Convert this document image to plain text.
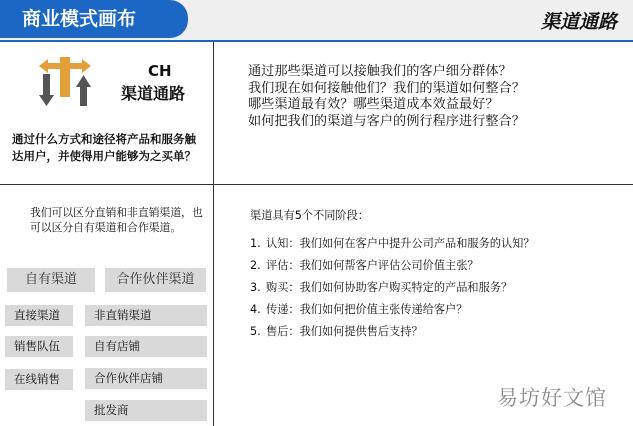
商业模式画布	渠道通路
CH
渠道通路
通过什么方式和途径将产品和服务触达用户，并使得用户能够为之买单？
通过那些渠道可以接触我们的客户细分群体？
我们现在如何接触他们？我们的渠道如何整合？
哪些渠道最有效？哪些渠道成本效益最好？
如何把我们的渠道与客户的例行程序进行整合？
我们可以区分直销和非直销渠道，也可以区分自有渠道和合作渠道。
自有渠道	合作伙伴渠道
直接渠道
销售队伍
在线销售
非直销渠道
自有店铺
合作伙伴店铺
批发商
渠道具有5个不同阶段：
1. 认知：我们如何在客户中提升公司产品和服务的认知？
2. 评估：我们如何帮客户评估公司价值主张？
3. 购买：我们如何协助客户购买特定的产品和服务？
4. 传递：我们如何把价值主张传递给客户？
5. 售后：我们如何提供售后支持？
易坊好文馆
